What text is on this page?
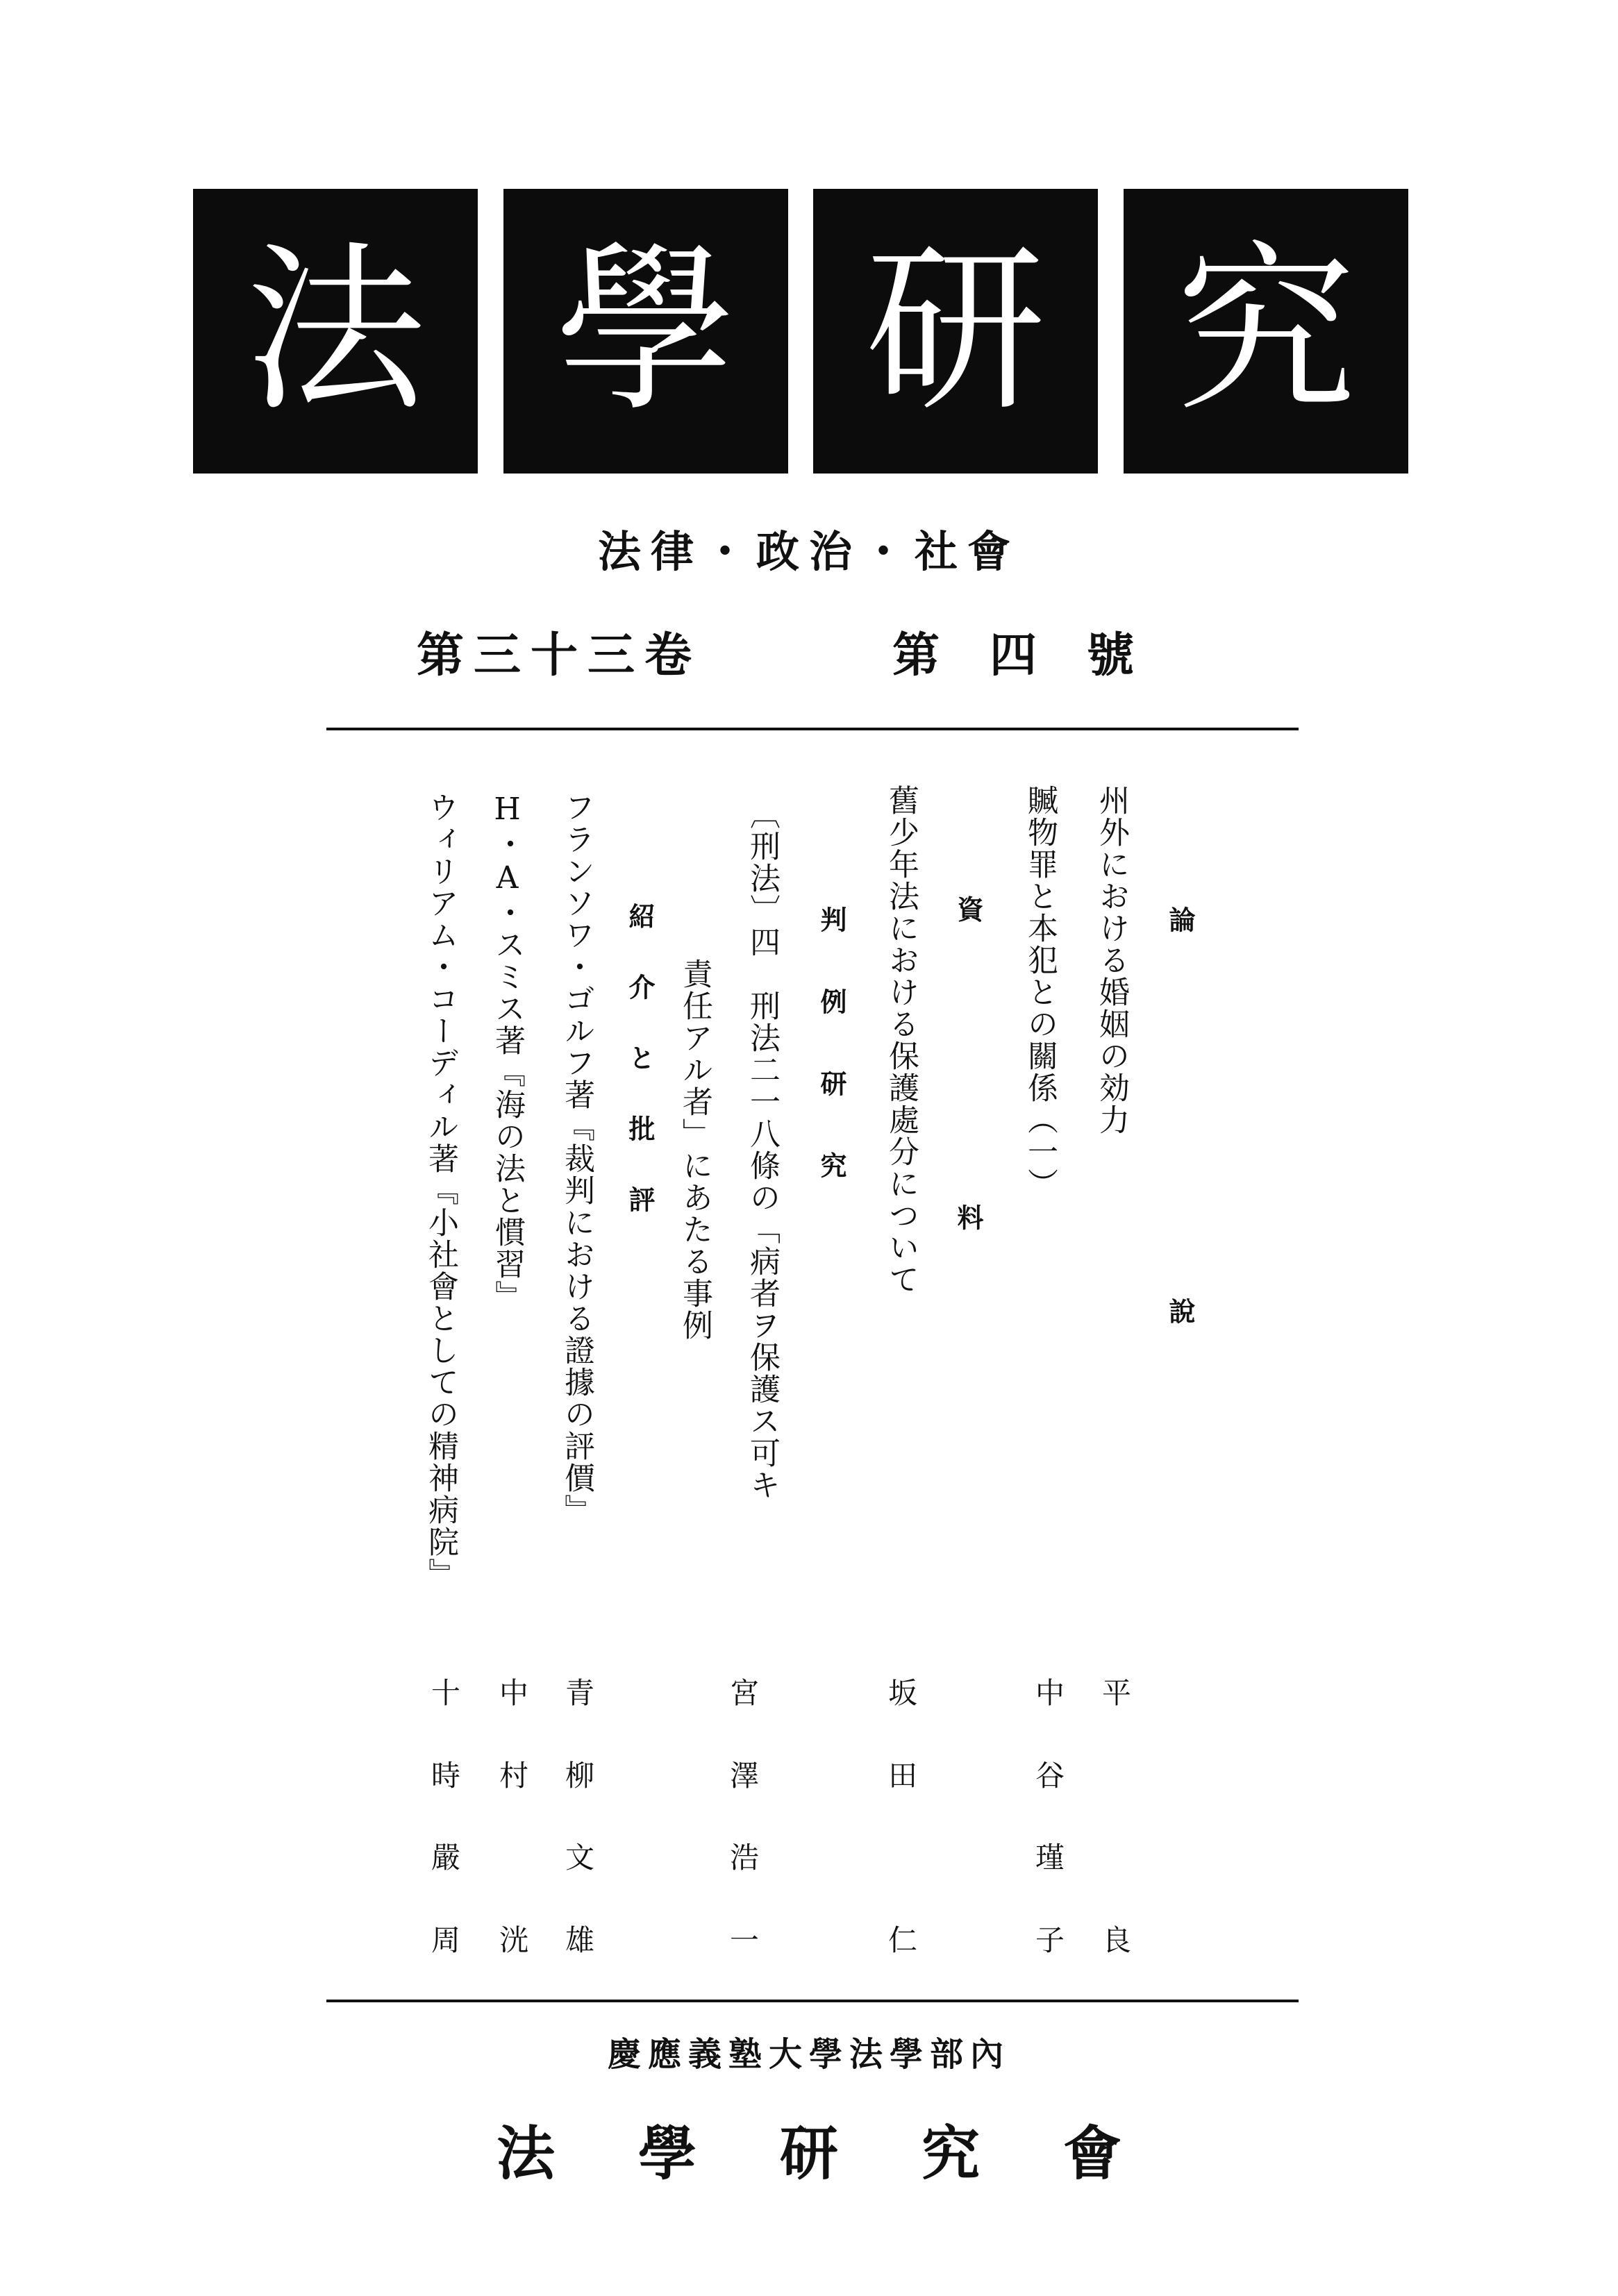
法 學 研 究
法律・政治・社會
第三十三卷	第四號
論　　說
州外における婚姻の効力
贓物罪と本犯との關係（一）
資　　料
舊少年法における保護處分について
判 例 研 究
〔刑法〕四　刑法二一八條の「病者ヲ保護ス可キ
責任アル者」にあたる事例
紹 介 と 批 評
フランソワ・ゴルフ著『裁判における證據の評價』
H・A・スミス著『海の法と慣習』
ウィリアム・コーディル著『小社會としての精神病院』
平
良
中
谷
瑾
子
坂
田
仁
宮
澤
浩
一
青
柳
文
雄
中
村
洸
十
時
嚴
周
慶應義塾大學法學部內
法學研究會
